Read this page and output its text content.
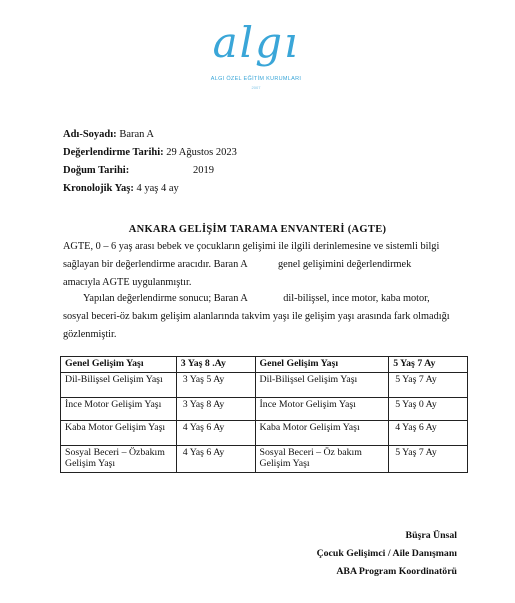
algı
ALGI ÖZEL EĞİTİM KURUMLARI
2007
Adı-Soyadı: Baran A
Değerlendirme Tarihi: 29 Ağustos 2023
Doğum Tarihi:	2019
Kronolojik Yaş: 4 yaş 4 ay
ANKARA GELİŞİM TARAMA ENVANTERİ (AGTE)
AGTE, 0 – 6 yaş arası bebek ve çocukların gelişimi ile ilgili derinlemesine ve sistemli bilgi
sağlayan bir değerlendirme aracıdır. Baran A            genel gelişimini değerlendirmek
amacıyla AGTE uygulanmıştır.
Yapılan değerlendirme sonucu; Baran A              dil-bilişsel, ince motor, kaba motor,
sosyal beceri-öz bakım gelişim alanlarında takvim yaşı ile gelişim yaşı arasında fark olmadığı
gözlenmiştir.
Genel Gelişim Yaşı	3 Yaş 8 .Ay	Genel Gelişim Yaşı	5 Yaş 7 Ay
Dil-Bilişsel Gelişim Yaşı	3 Yaş 5 Ay	Dil-Bilişsel Gelişim Yaşı	5 Yaş 7 Ay
İnce Motor Gelişim Yaşı	3 Yaş 8 Ay	İnce Motor Gelişim Yaşı	5 Yaş 0 Ay
Kaba Motor Gelişim Yaşı	4 Yaş 6 Ay	Kaba Motor Gelişim Yaşı	4 Yaş 6 Ay
Sosyal Beceri – Özbakım Gelişim Yaşı	4 Yaş 6 Ay	Sosyal Beceri – Öz bakım Gelişim Yaşı	5 Yaş 7 Ay
Büşra Ünsal
Çocuk Gelişimci / Aile Danışmanı
ABA Program Koordinatörü
